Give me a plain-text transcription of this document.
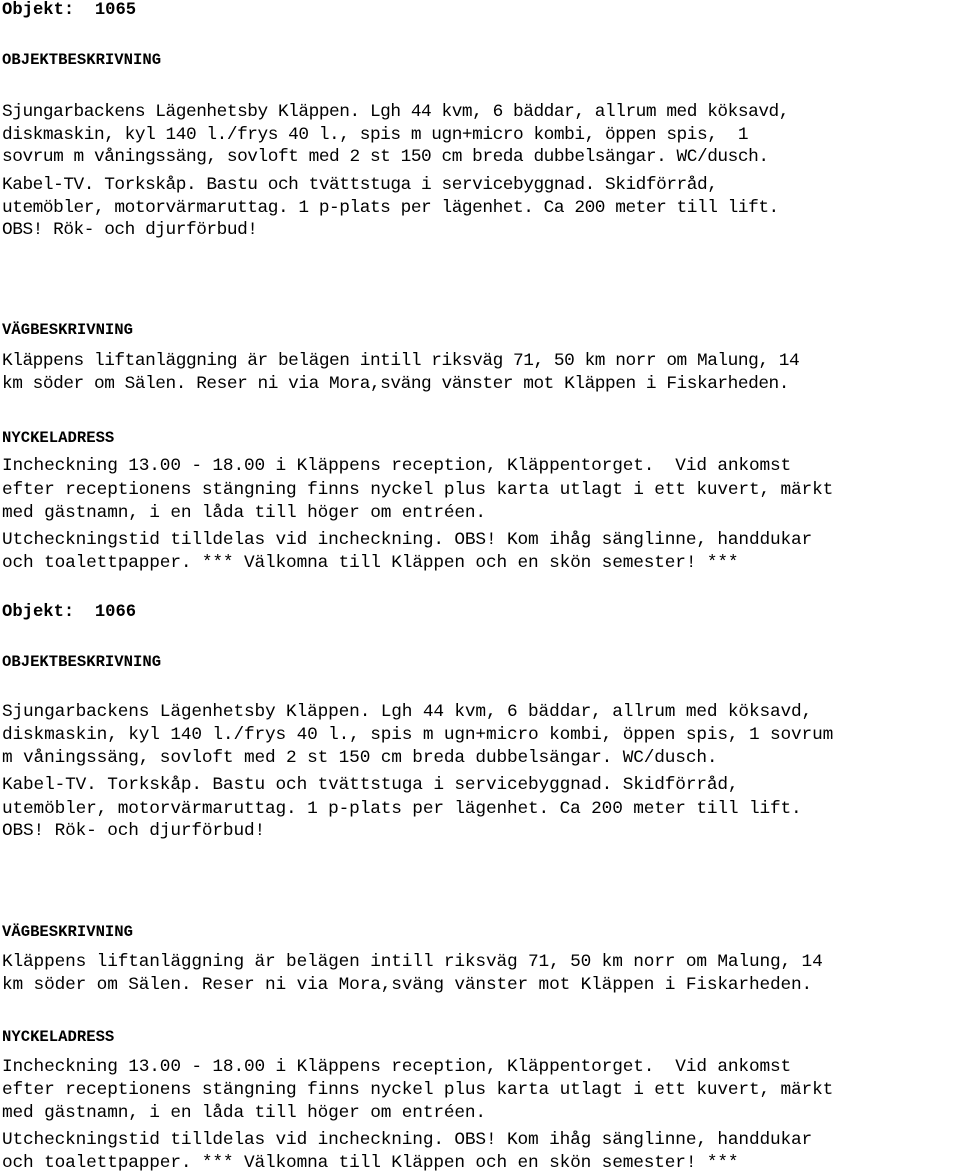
Objekt:  1065
OBJEKTBESKRIVNING
Sjungarbackens Lägenhetsby Kläppen. Lgh 44 kvm, 6 bäddar, allrum med köksavd,
diskmaskin, kyl 140 l./frys 40 l., spis m ugn+micro kombi, öppen spis,  1
sovrum m våningssäng, sovloft med 2 st 150 cm breda dubbelsängar. WC/dusch.
Kabel-TV. Torkskåp. Bastu och tvättstuga i servicebyggnad. Skidförråd,
utemöbler, motorvärmaruttag. 1 p-plats per lägenhet. Ca 200 meter till lift.
OBS! Rök- och djurförbud!
VÄGBESKRIVNING
Kläppens liftanläggning är belägen intill riksväg 71, 50 km norr om Malung, 14
km söder om Sälen. Reser ni via Mora,sväng vänster mot Kläppen i Fiskarheden.
NYCKELADRESS
Incheckning 13.00 - 18.00 i Kläppens reception, Kläppentorget.  Vid ankomst
efter receptionens stängning finns nyckel plus karta utlagt i ett kuvert, märkt
med gästnamn, i en låda till höger om entréen.
Utcheckningstid tilldelas vid incheckning. OBS! Kom ihåg sänglinne, handdukar
och toalettpapper. *** Välkomna till Kläppen och en skön semester! ***
Objekt:  1066
OBJEKTBESKRIVNING
Sjungarbackens Lägenhetsby Kläppen. Lgh 44 kvm, 6 bäddar, allrum med köksavd,
diskmaskin, kyl 140 l./frys 40 l., spis m ugn+micro kombi, öppen spis, 1 sovrum
m våningssäng, sovloft med 2 st 150 cm breda dubbelsängar. WC/dusch.
Kabel-TV. Torkskåp. Bastu och tvättstuga i servicebyggnad. Skidförråd,
utemöbler, motorvärmaruttag. 1 p-plats per lägenhet. Ca 200 meter till lift.
OBS! Rök- och djurförbud!
VÄGBESKRIVNING
Kläppens liftanläggning är belägen intill riksväg 71, 50 km norr om Malung, 14
km söder om Sälen. Reser ni via Mora,sväng vänster mot Kläppen i Fiskarheden.
NYCKELADRESS
Incheckning 13.00 - 18.00 i Kläppens reception, Kläppentorget.  Vid ankomst
efter receptionens stängning finns nyckel plus karta utlagt i ett kuvert, märkt
med gästnamn, i en låda till höger om entréen.
Utcheckningstid tilldelas vid incheckning. OBS! Kom ihåg sänglinne, handdukar
och toalettpapper. *** Välkomna till Kläppen och en skön semester! ***
